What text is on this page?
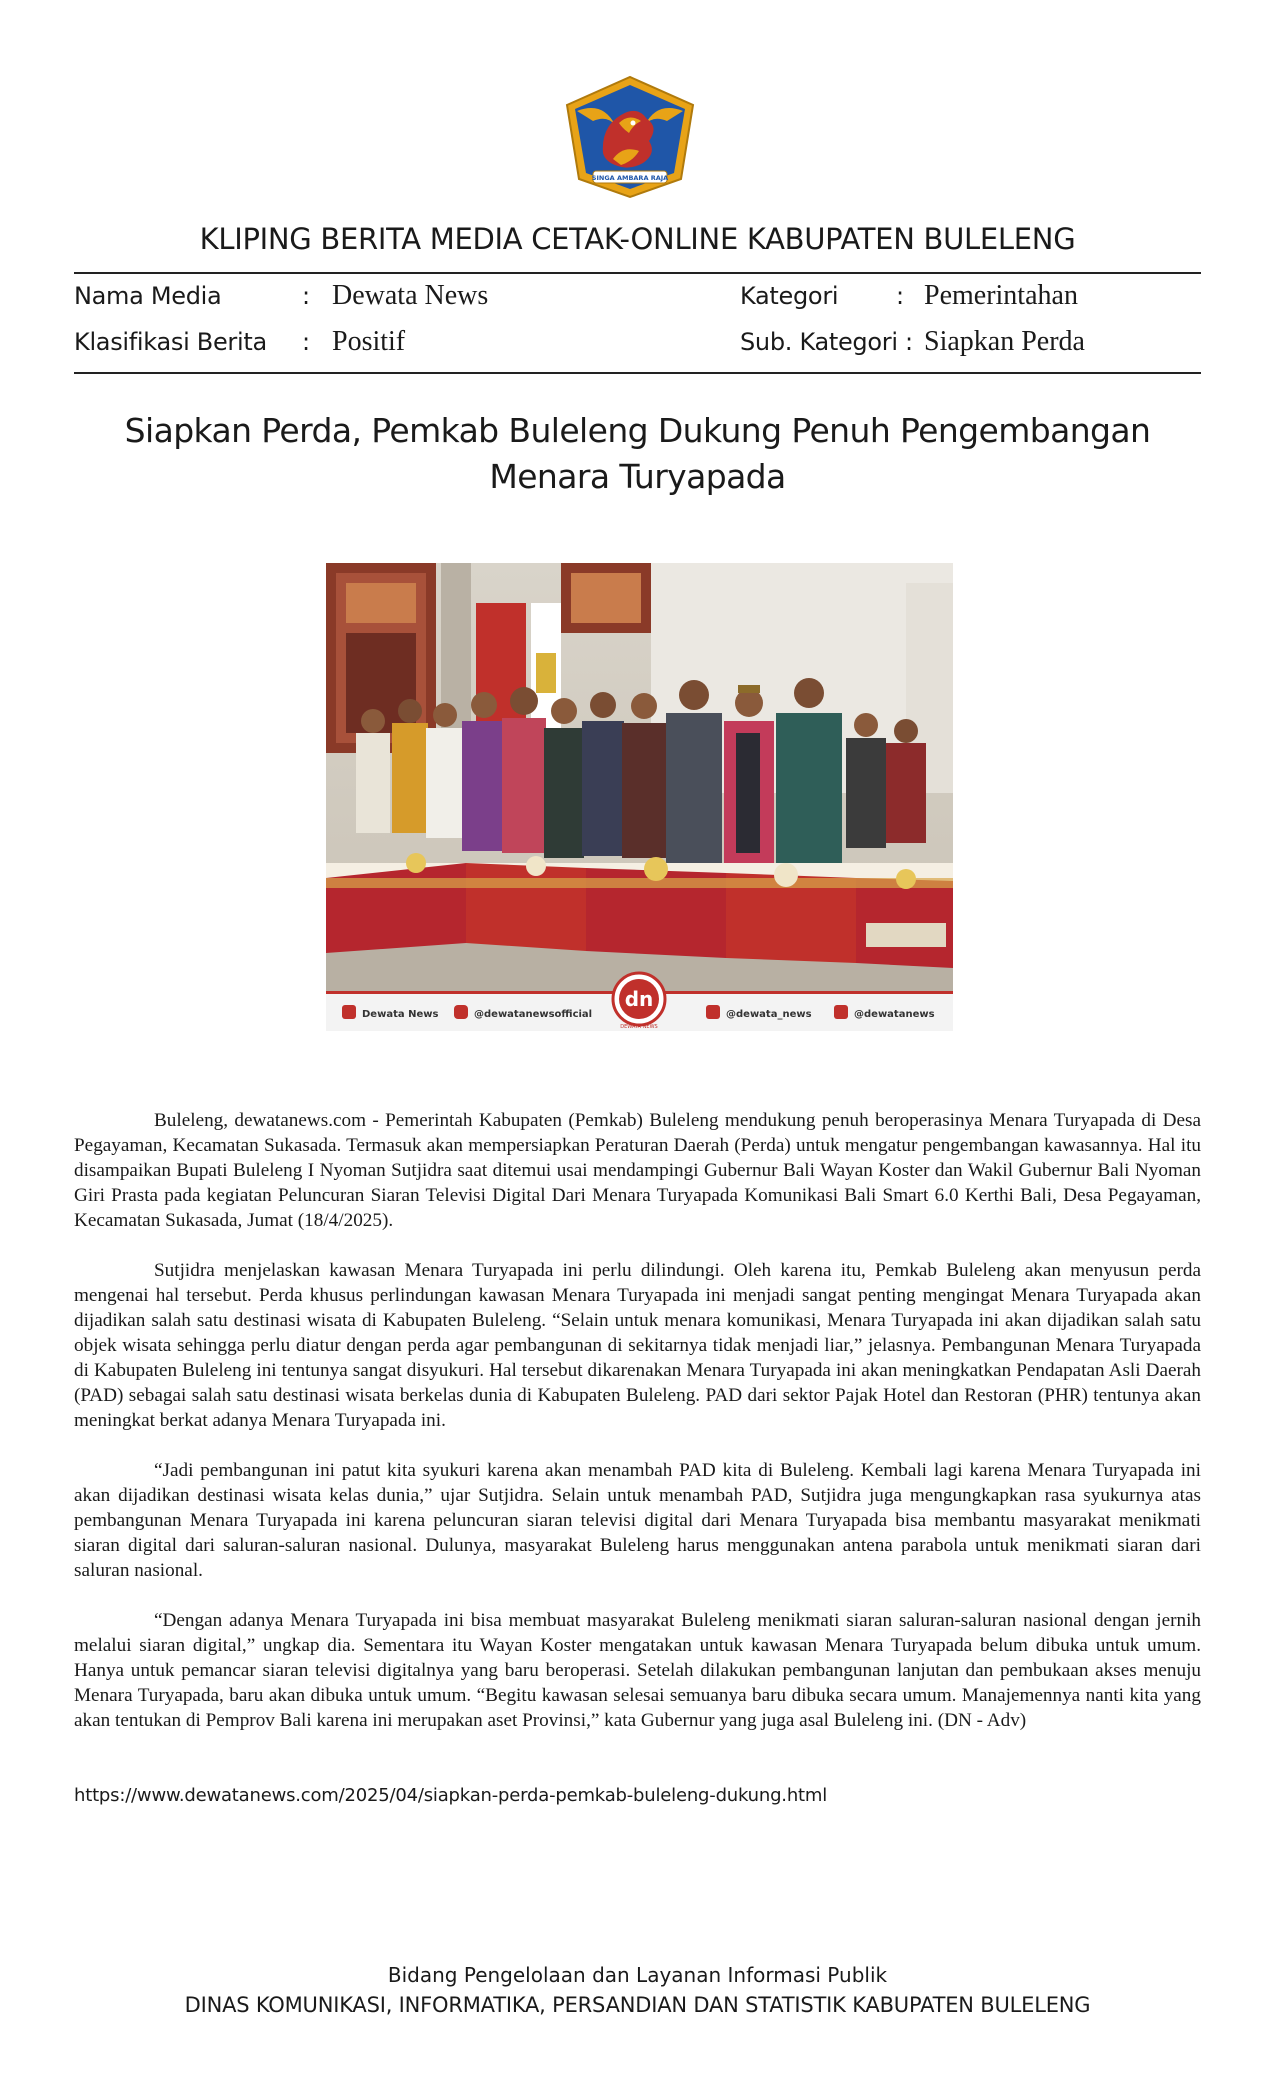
SINGA AMBARA RAJA
KLIPING BERITA MEDIA CETAK-ONLINE KABUPATEN BULELENG
Nama Media	: Dewata News
Klasifikasi Berita : Positif
Kategori : Pemerintahan
Sub. Kategori : Siapkan Perda
Siapkan Perda, Pemkab Buleleng Dukung Penuh Pengembangan
Menara Turyapada
Dewata News	@dewatanewsofficial
dn
DEWATA NEWS
@dewata_news	@dewatanews

Buleleng, dewatanews.com - Pemerintah Kabupaten (Pemkab) Buleleng mendukung penuh beroperasinya Menara Turyapada di Desa Pegayaman, Kecamatan Sukasada. Termasuk akan mempersiapkan Peraturan Daerah (Perda) untuk mengatur pengembangan kawasannya. Hal itu disampaikan Bupati Buleleng I Nyoman Sutjidra saat ditemui usai mendampingi Gubernur Bali Wayan Koster dan Wakil Gubernur Bali Nyoman Giri Prasta pada kegiatan Peluncuran Siaran Televisi Digital Dari Menara Turyapada Komunikasi Bali Smart 6.0 Kerthi Bali, Desa Pegayaman, Kecamatan Sukasada, Jumat (18/4/2025).

Sutjidra menjelaskan kawasan Menara Turyapada ini perlu dilindungi. Oleh karena itu, Pemkab Buleleng akan menyusun perda mengenai hal tersebut. Perda khusus perlindungan kawasan Menara Turyapada ini menjadi sangat penting mengingat Menara Turyapada akan dijadikan salah satu destinasi wisata di Kabupaten Buleleng. “Selain untuk menara komunikasi, Menara Turyapada ini akan dijadikan salah satu objek wisata sehingga perlu diatur dengan perda agar pembangunan di sekitarnya tidak menjadi liar,” jelasnya. Pembangunan Menara Turyapada di Kabupaten Buleleng ini tentunya sangat disyukuri. Hal tersebut dikarenakan Menara Turyapada ini akan meningkatkan Pendapatan Asli Daerah (PAD) sebagai salah satu destinasi wisata berkelas dunia di Kabupaten Buleleng. PAD dari sektor Pajak Hotel dan Restoran (PHR) tentunya akan meningkat berkat adanya Menara Turyapada ini.

“Jadi pembangunan ini patut kita syukuri karena akan menambah PAD kita di Buleleng. Kembali lagi karena Menara Turyapada ini akan dijadikan destinasi wisata kelas dunia,” ujar Sutjidra. Selain untuk menambah PAD, Sutjidra juga mengungkapkan rasa syukurnya atas pembangunan Menara Turyapada ini karena peluncuran siaran televisi digital dari Menara Turyapada bisa membantu masyarakat menikmati siaran digital dari saluran-saluran nasional. Dulunya, masyarakat Buleleng harus menggunakan antena parabola untuk menikmati siaran dari saluran nasional.

“Dengan adanya Menara Turyapada ini bisa membuat masyarakat Buleleng menikmati siaran saluran-saluran nasional dengan jernih melalui siaran digital,” ungkap dia. Sementara itu Wayan Koster mengatakan untuk kawasan Menara Turyapada belum dibuka untuk umum. Hanya untuk pemancar siaran televisi digitalnya yang baru beroperasi. Setelah dilakukan pembangunan lanjutan dan pembukaan akses menuju Menara Turyapada, baru akan dibuka untuk umum. “Begitu kawasan selesai semuanya baru dibuka secara umum. Manajemennya nanti kita yang akan tentukan di Pemprov Bali karena ini merupakan aset Provinsi,” kata Gubernur yang juga asal Buleleng ini. (DN - Adv)

https://www.dewatanews.com/2025/04/siapkan-perda-pemkab-buleleng-dukung.html
Bidang Pengelolaan dan Layanan Informasi Publik
DINAS KOMUNIKASI, INFORMATIKA, PERSANDIAN DAN STATISTIK KABUPATEN BULELENG
